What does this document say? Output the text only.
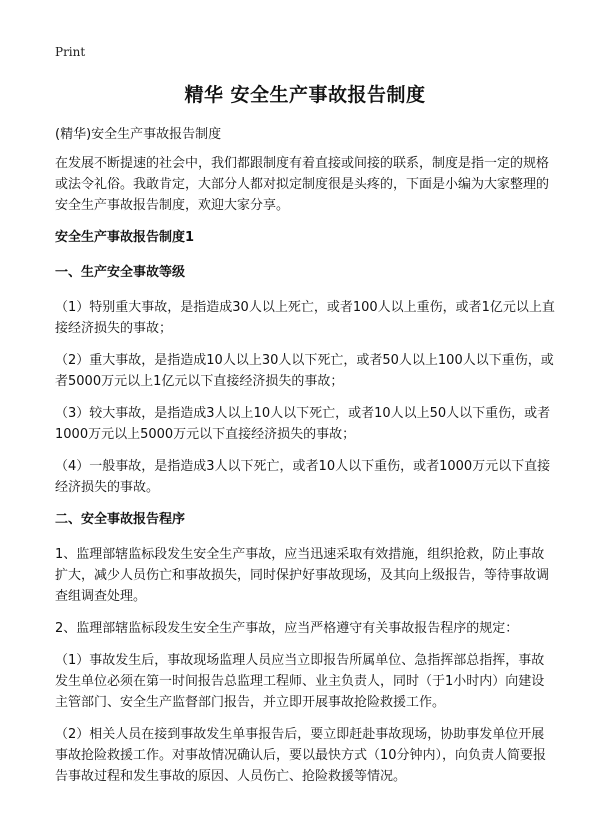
Print
精华 安全生产事故报告制度
(精华)安全生产事故报告制度

在发展不断提速的社会中，我们都跟制度有着直接或间接的联系，制度是指一定的规格或法令礼俗。我敢肯定，大部分人都对拟定制度很是头疼的，下面是小编为大家整理的安全生产事故报告制度，欢迎大家分享。

安全生产事故报告制度1
一、生产安全事故等级

（1）特别重大事故，是指造成30人以上死亡，或者100人以上重伤，或者1亿元以上直接经济损失的事故；

（2）重大事故，是指造成10人以上30人以下死亡，或者50人以上100人以下重伤，或者5000万元以上1亿元以下直接经济损失的事故；

（3）较大事故，是指造成3人以上10人以下死亡，或者10人以上50人以下重伤，或者1000万元以上5000万元以下直接经济损失的事故；

（4）一般事故，是指造成3人以下死亡，或者10人以下重伤，或者1000万元以下直接经济损失的事故。

二、安全事故报告程序

1、监理部辖监标段发生安全生产事故，应当迅速采取有效措施，组织抢救，防止事故扩大，减少人员伤亡和事故损失，同时保护好事故现场，及其向上级报告，等待事故调查组调查处理。

2、监理部辖监标段发生安全生产事故，应当严格遵守有关事故报告程序的规定：

（1）事故发生后，事故现场监理人员应当立即报告所属单位、急指挥部总指挥，事故发生单位必须在第一时间报告总监理工程师、业主负责人，同时（于1小时内）向建设主管部门、安全生产监督部门报告，并立即开展事故抢险救援工作。

（2）相关人员在接到事故发生单事报告后，要立即赶赴事故现场，协助事发单位开展事故抢险救援工作。对事故情况确认后，要以最快方式（10分钟内），向负责人简要报告事故过程和发生事故的原因、人员伤亡、抢险救援等情况。
